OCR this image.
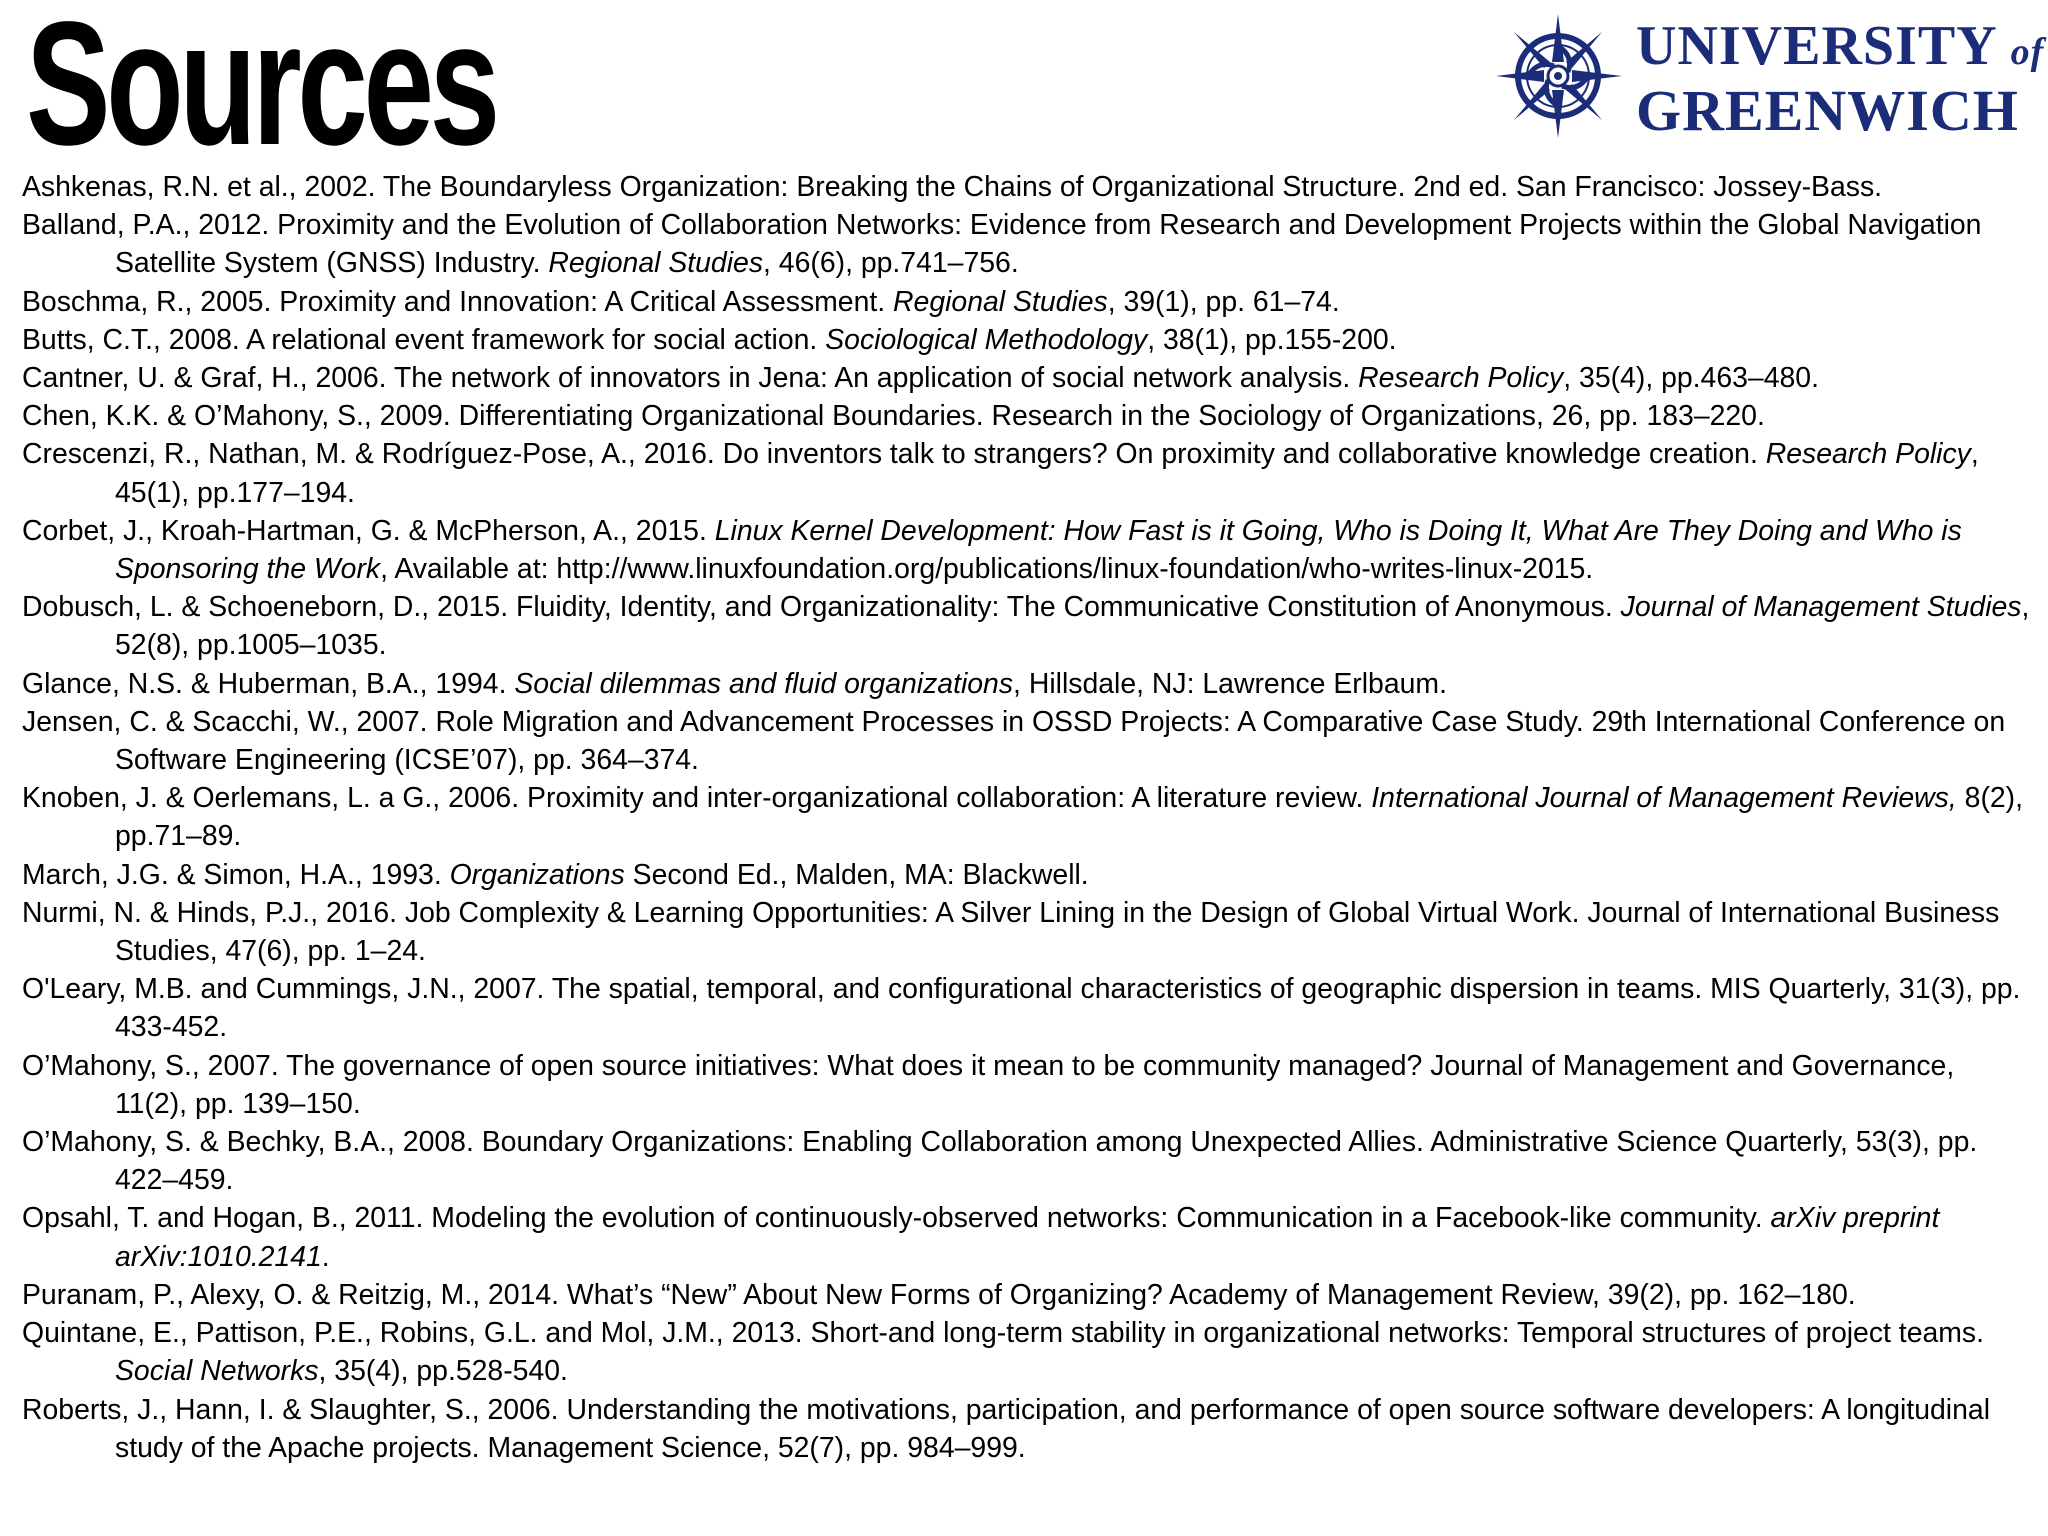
Sources	UNIVERSITY of
GREENWICH
Ashkenas, R.N. et al., 2002. The Boundaryless Organization: Breaking the Chains of Organizational Structure. 2nd ed. San Francisco: Jossey-Bass.
Balland, P.A., 2012. Proximity and the Evolution of Collaboration Networks: Evidence from Research and Development Projects within the Global Navigation Satellite System (GNSS) Industry. Regional Studies, 46(6), pp.741–756.
Boschma, R., 2005. Proximity and Innovation: A Critical Assessment. Regional Studies, 39(1), pp. 61–74.
Butts, C.T., 2008. A relational event framework for social action. Sociological Methodology, 38(1), pp.155-200.
Cantner, U. & Graf, H., 2006. The network of innovators in Jena: An application of social network analysis. Research Policy, 35(4), pp.463–480.
Chen, K.K. & O’Mahony, S., 2009. Differentiating Organizational Boundaries. Research in the Sociology of Organizations, 26, pp. 183–220.
Crescenzi, R., Nathan, M. & Rodríguez-Pose, A., 2016. Do inventors talk to strangers? On proximity and collaborative knowledge creation. Research Policy, 45(1), pp.177–194.
Corbet, J., Kroah-Hartman, G. & McPherson, A., 2015. Linux Kernel Development: How Fast is it Going, Who is Doing It, What Are They Doing and Who is Sponsoring the Work, Available at: http://www.linuxfoundation.org/publications/linux-foundation/who-writes-linux-2015.
Dobusch, L. & Schoeneborn, D., 2015. Fluidity, Identity, and Organizationality: The Communicative Constitution of Anonymous. Journal of Management Studies, 52(8), pp.1005–1035.
Glance, N.S. & Huberman, B.A., 1994. Social dilemmas and fluid organizations, Hillsdale, NJ: Lawrence Erlbaum.
Jensen, C. & Scacchi, W., 2007. Role Migration and Advancement Processes in OSSD Projects: A Comparative Case Study. 29th International Conference on Software Engineering (ICSE’07), pp. 364–374.
Knoben, J. & Oerlemans, L. a G., 2006. Proximity and inter-organizational collaboration: A literature review. International Journal of Management Reviews, 8(2), pp.71–89.
March, J.G. & Simon, H.A., 1993. Organizations Second Ed., Malden, MA: Blackwell.
Nurmi, N. & Hinds, P.J., 2016. Job Complexity & Learning Opportunities: A Silver Lining in the Design of Global Virtual Work. Journal of International Business Studies, 47(6), pp. 1–24.
O'Leary, M.B. and Cummings, J.N., 2007. The spatial, temporal, and configurational characteristics of geographic dispersion in teams. MIS Quarterly, 31(3), pp. 433-452.
O’Mahony, S., 2007. The governance of open source initiatives: What does it mean to be community managed? Journal of Management and Governance, 11(2), pp. 139–150.
O’Mahony, S. & Bechky, B.A., 2008. Boundary Organizations: Enabling Collaboration among Unexpected Allies. Administrative Science Quarterly, 53(3), pp. 422–459.
Opsahl, T. and Hogan, B., 2011. Modeling the evolution of continuously-observed networks: Communication in a Facebook-like community. arXiv preprint arXiv:1010.2141.
Puranam, P., Alexy, O. & Reitzig, M., 2014. What’s “New” About New Forms of Organizing? Academy of Management Review, 39(2), pp. 162–180.
Quintane, E., Pattison, P.E., Robins, G.L. and Mol, J.M., 2013. Short-and long-term stability in organizational networks: Temporal structures of project teams. Social Networks, 35(4), pp.528-540.
Roberts, J., Hann, I. & Slaughter, S., 2006. Understanding the motivations, participation, and performance of open source software developers: A longitudinal study of the Apache projects. Management Science, 52(7), pp. 984–999.
